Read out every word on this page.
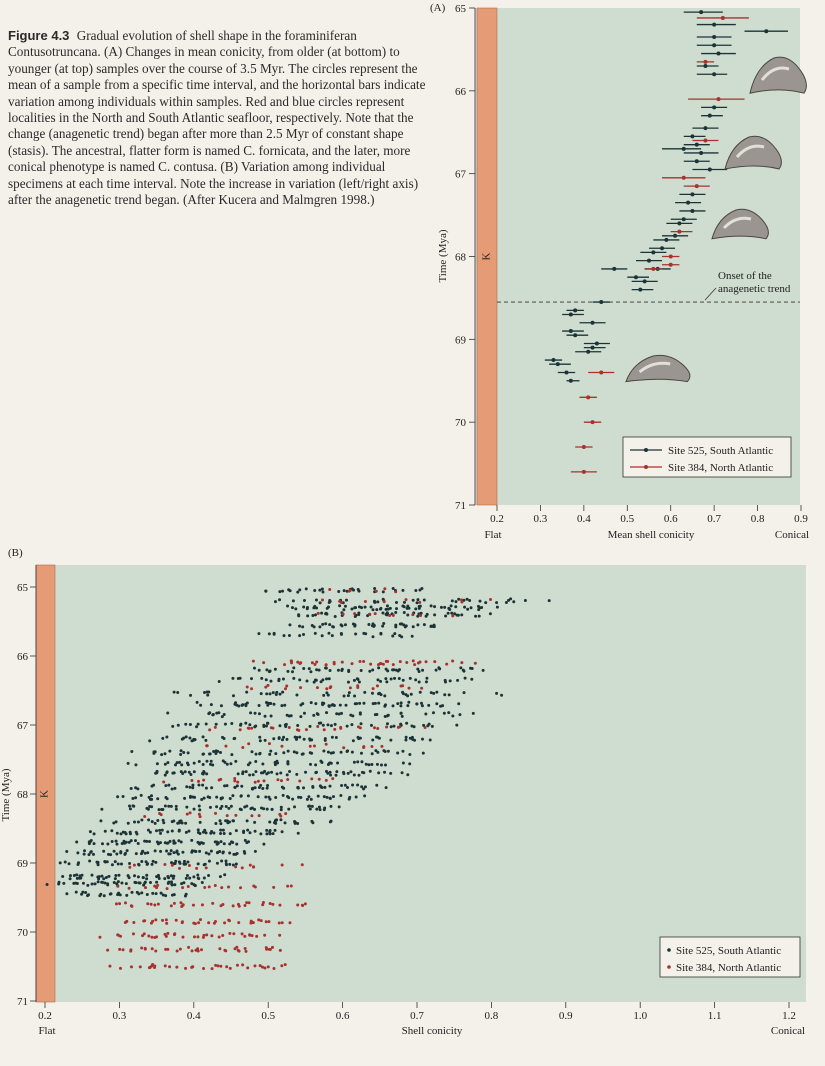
Figure 4.3 Gradual evolution of shell shape in the foraminiferan Contusotruncana. (A) Changes in mean conicity, from older (at bottom) to younger (at top) samples over the course of 3.5 Myr. The circles represent the mean of a sample from a specific time interval, and the horizontal bars indicate variation among individuals within samples. Red and blue circles represent localities in the North and South Atlantic seafloor, respectively. Note that the change (anagenetic trend) began after more than 2.5 Myr of constant shape (stasis). The ancestral, flatter form is named C. fornicata, and the later, more conical phenotype is named C. contusa. (B) Variation among individual specimens at each time interval. Note the increase in variation (left/right axis) after the anagenetic trend began. (After Kucera and Malmgren 1998.)
K
(A) 65
66
67
68
69
70
71
Time (Mya)
0.2	0.3	0.4	0.5	0.6	0.7	0.8	0.9
Flat	Mean shell conicity	Conical
Onset of the
anagenetic trend
Site 525, South Atlantic
Site 384, North Atlantic
(B)
K
65
66
67
68
69
70
71
Time (Mya)
0.2	0.3	0.4	0.5	0.6	0.7	0.8	0.9	1.0	1.1	1.2
Flat	Shell conicity	Conical
Site 525, South Atlantic
Site 384, North Atlantic
